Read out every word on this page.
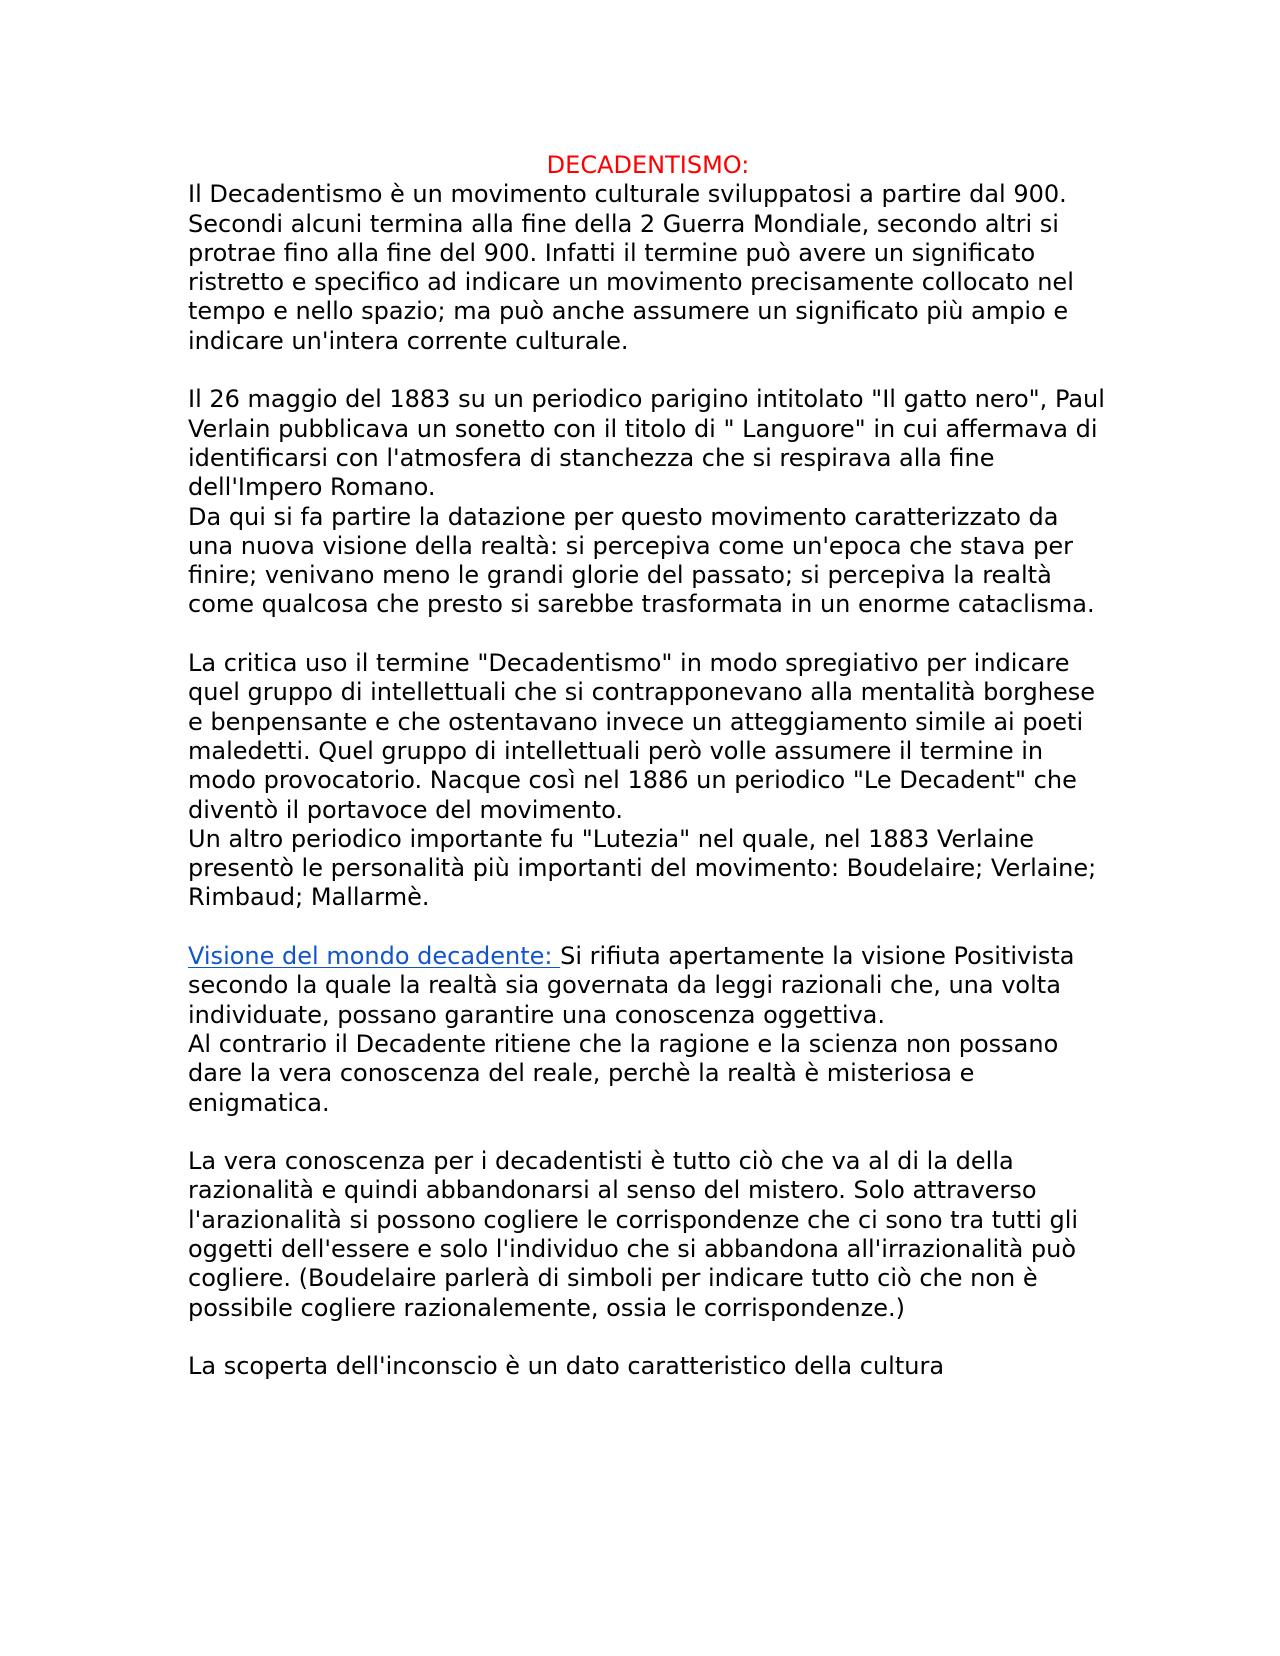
DECADENTISMO:

Il Decadentismo è un movimento culturale sviluppatosi a partire dal 900. Secondi alcuni termina alla fine della 2 Guerra Mondiale, secondo altri si protrae fino alla fine del 900. Infatti il termine può avere un significato ristretto e specifico ad indicare un movimento precisamente collocato nel tempo e nello spazio; ma può anche assumere un significato più ampio e indicare un'intera corrente culturale.

Il 26 maggio del 1883 su un periodico parigino intitolato "Il gatto nero", Paul Verlain pubblicava un sonetto con il titolo di " Languore" in cui affermava di identificarsi con l'atmosfera di stanchezza che si respirava alla fine dell'Impero Romano.

Da qui si fa partire la datazione per questo movimento caratterizzato da una nuova visione della realtà: si percepiva come un'epoca che stava per finire; venivano meno le grandi glorie del passato; si percepiva la realtà come qualcosa che presto si sarebbe trasformata in un enorme cataclisma.

La critica uso il termine "Decadentismo" in modo spregiativo per indicare quel gruppo di intellettuali che si contrapponevano alla mentalità borghese e benpensante e che ostentavano invece un atteggiamento simile ai poeti maledetti. Quel gruppo di intellettuali però volle assumere il termine in modo provocatorio. Nacque così nel 1886 un periodico "Le Decadent" che diventò il portavoce del movimento.

Un altro periodico importante fu "Lutezia" nel quale, nel 1883 Verlaine presentò le personalità più importanti del movimento: Boudelaire; Verlaine; Rimbaud; Mallarmè.

Visione del mondo decadente: Si rifiuta apertamente la visione Positivista secondo la quale la realtà sia governata da leggi razionali che, una volta individuate, possano garantire una conoscenza oggettiva.

Al contrario il Decadente ritiene che la ragione e la scienza non possano dare la vera conoscenza del reale, perchè la realtà è misteriosa e enigmatica.

La vera conoscenza per i decadentisti è tutto ciò che va al di la della razionalità e quindi abbandonarsi al senso del mistero. Solo attraverso l'arazionalità si possono cogliere le corrispondenze che ci sono tra tutti gli oggetti dell'essere e solo l'individuo che si abbandona all'irrazionalità può cogliere. (Boudelaire parlerà di simboli per indicare tutto ciò che non è possibile cogliere razionalemente, ossia le corrispondenze.)

La scoperta dell'inconscio è un dato caratteristico della cultura
